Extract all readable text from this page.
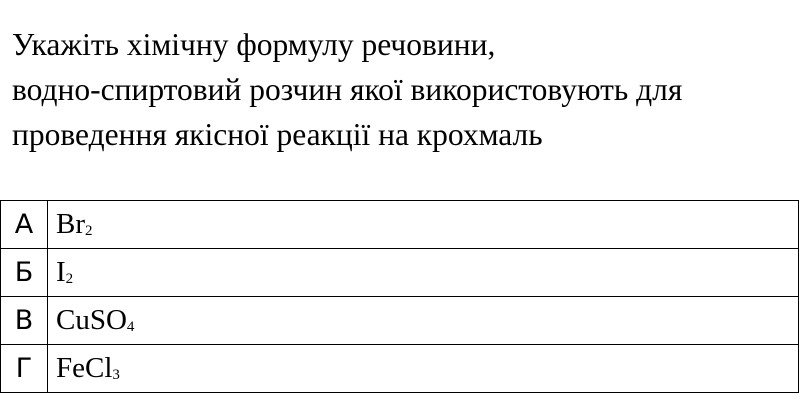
Укажіть хімічну формулу речовини,
водно-спиртовий розчин якої використовують для
проведення якісної реакції на крохмаль
А	$Br_2$
Б	$I_2$
В	CuSO$_4$
Г	FeCl$_3$
